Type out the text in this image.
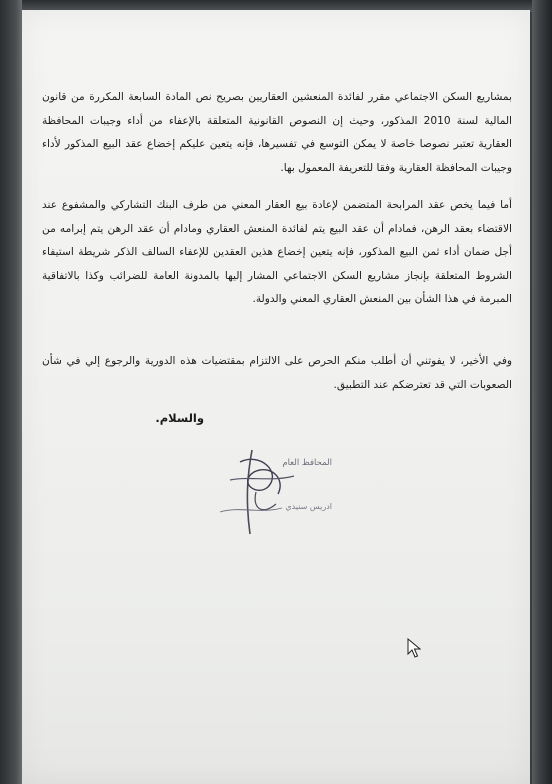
بمشاريع السكن الاجتماعي مقرر لفائدة المنعشين العقاريين بصريح نص المادة السابعة المكررة من قانون المالية لسنة 2010 المذكور، وحيث إن النصوص القانونية المتعلقة بالإعفاء من أداء وجيبات المحافظة العقارية تعتبر نصوصا خاصة لا يمكن التوسع في تفسيرها، فإنه يتعين عليكم إخضاع عقد البيع المذكور لأداء وجيبات المحافظة العقارية وفقا للتعريفة المعمول بها.

أما فيما يخص عقد المرابحة المتضمن لإعادة بيع العقار المعني من طرف البنك التشاركي والمشفوع عند الاقتضاء بعقد الرهن، فمادام أن عقد البيع يتم لفائدة المنعش العقاري ومادام أن عقد الرهن يتم إبرامه من أجل ضمان أداء ثمن البيع المذكور، فإنه يتعين إخضاع هذين العقدين للإعفاء السالف الذكر شريطة استيفاء الشروط المتعلقة بإنجاز مشاريع السكن الاجتماعي المشار إليها بالمدونة العامة للضرائب وكذا بالاتفاقية المبرمة في هذا الشأن بين المنعش العقاري المعني والدولة.

وفي الأخير، لا يفوتني أن أطلب منكم الحرص على الالتزام بمقتضيات هذه الدورية والرجوع إلي في شأن الصعوبات التي قد تعترضكم عند التطبيق.

والسلام.

المحافظ العام
ادريس سنيدي
